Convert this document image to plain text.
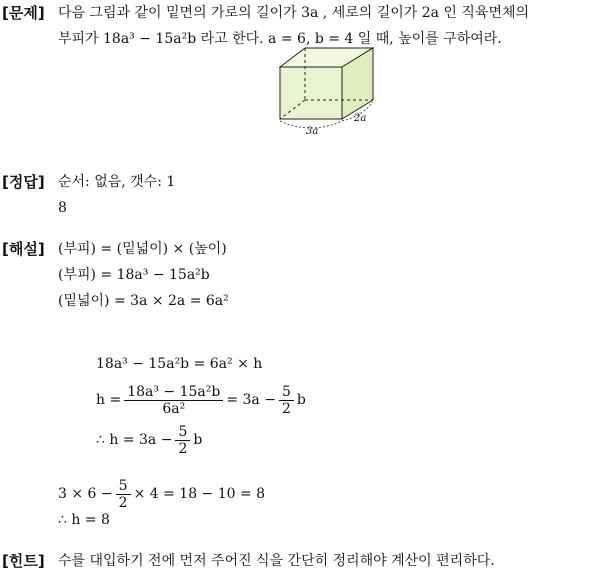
[문제] 다음 그림과 같이 밑면의 가로의 길이가 3a , 세로의 길이가 2a 인 직육면체의
부피가 18a³ − 15a²b 라고 한다. a = 6, b = 4 일 때, 높이를 구하여라.
3a
2a
[정답] 순서: 없음, 갯수: 1
8
[해설] (부피) = (밑넓이) × (높이)
(부피) = 18a³ − 15a²b
(밑넓이) = 3a × 2a = 6a²
18a³ − 15a²b = 6a² × h
$h = \frac{\text{18a³ − 15a²b}}{\text{6a²}} = 3a - \frac{5}{2}$ b
∴ $h = 3a - \frac{5}{2}$ b
$3 \times 6 - \frac{5}{2} \times 4 = 18 - 10 = 8$
∴ h = 8
[힌트] 수를 대입하기 전에 먼저 주어진 식을 간단히 정리해야 계산이 편리하다.
